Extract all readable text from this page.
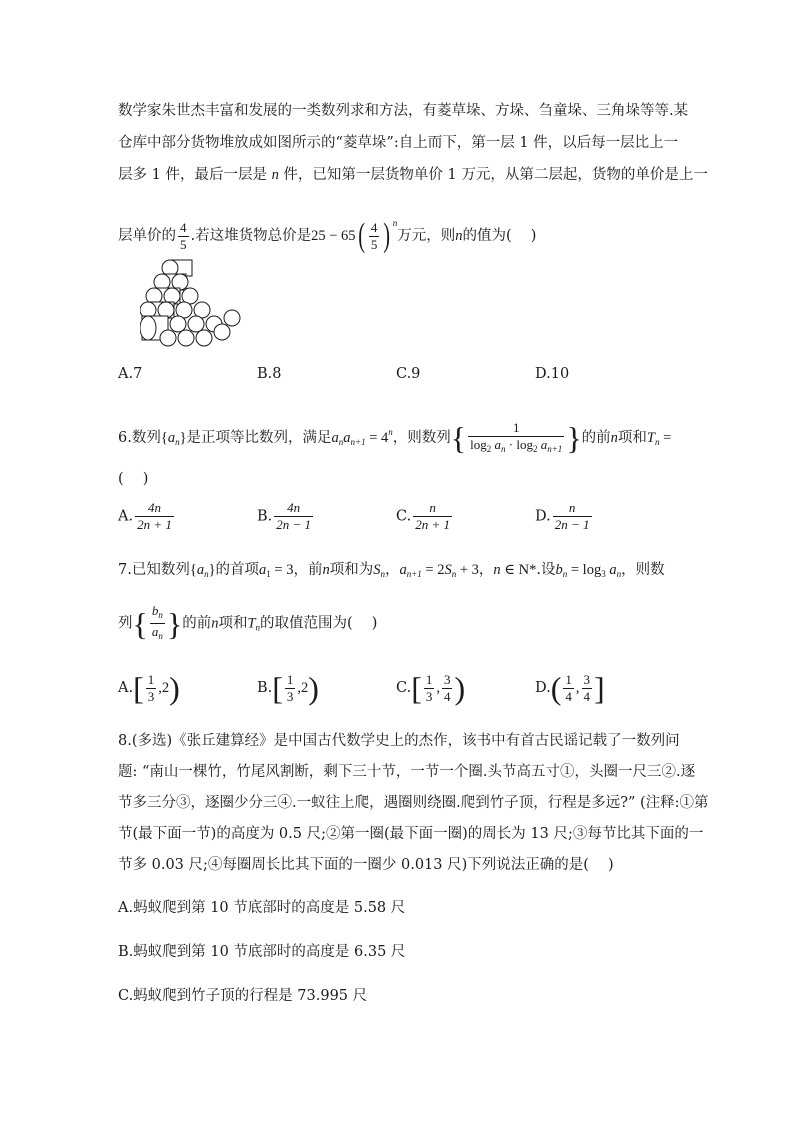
数学家朱世杰丰富和发展的一类数列求和方法，有菱草垛、方垛、刍童垛、三角垛等等.某
仓库中部分货物堆放成如图所示的“菱草垛”:自上而下，第一层 1 件，以后每一层比上一
层多 1 件，最后一层是 n 件，已知第一层货物单价 1 万元，从第二层起，货物的单价是上一
层单价的 $\frac{4}{5}$ .若这堆货物总价是$25 - 65( \frac{4}{5}$ ) $^n$万元，则n的值为(　 )
A.7	B.8	C.9	D.10
6.数列$\{a_n\}$是正项等比数列，满足$a_na_{n+1} = 4^n$，则数列{ $\frac{1}{\log_2 a_n \cdot \log_2 a_{n+1}}$ }的前n项和$T_n$ =
(　 )
A. $\frac{4n}{2n + 1}$	B. $\frac{4n}{2n - 1}$	C. $\frac{n}{2n + 1}$	D. $\frac{n}{2n - 1}$
7.已知数列$\{a_n\}$的首项$a_1 = 3$，前n项和为$S_n$，$a_{n+1} = 2S_n + 3$，n ∈ N*.设$b_n = \log_3 a_n$，则数
列{ $\frac{b_n}{a_n}$ }的前n项和$T_n$的取值范围为(　 )
$A.[ \frac{1}{3} ,2)$	$B.[ \frac{1}{3} ,2)$	$C.[ \frac{1}{3}$ , $\frac{3}{4}$ )	$D.( \frac{1}{4}$ , $\frac{3}{4}$ ]
8.(多选)《张丘建算经》是中国古代数学史上的杰作，该书中有首古民谣记载了一数列问
题: “南山一棵竹，竹尾风割断，剩下三十节，一节一个圈.头节高五寸①，头圈一尺三②.逐
节多三分③，逐圈少分三④.一蚁往上爬，遇圈则绕圈.爬到竹子顶，行程是多远?” (注释:①第
节(最下面一节)的高度为 0.5 尺;②第一圈(最下面一圈)的周长为 13 尺;③每节比其下面的一
节多 0.03 尺;④每圈周长比其下面的一圈少 0.013 尺)下列说法正确的是(　 )
A.蚂蚁爬到第 10 节底部时的高度是 5.58 尺
B.蚂蚁爬到第 10 节底部时的高度是 6.35 尺
C.蚂蚁爬到竹子顶的行程是 73.995 尺
